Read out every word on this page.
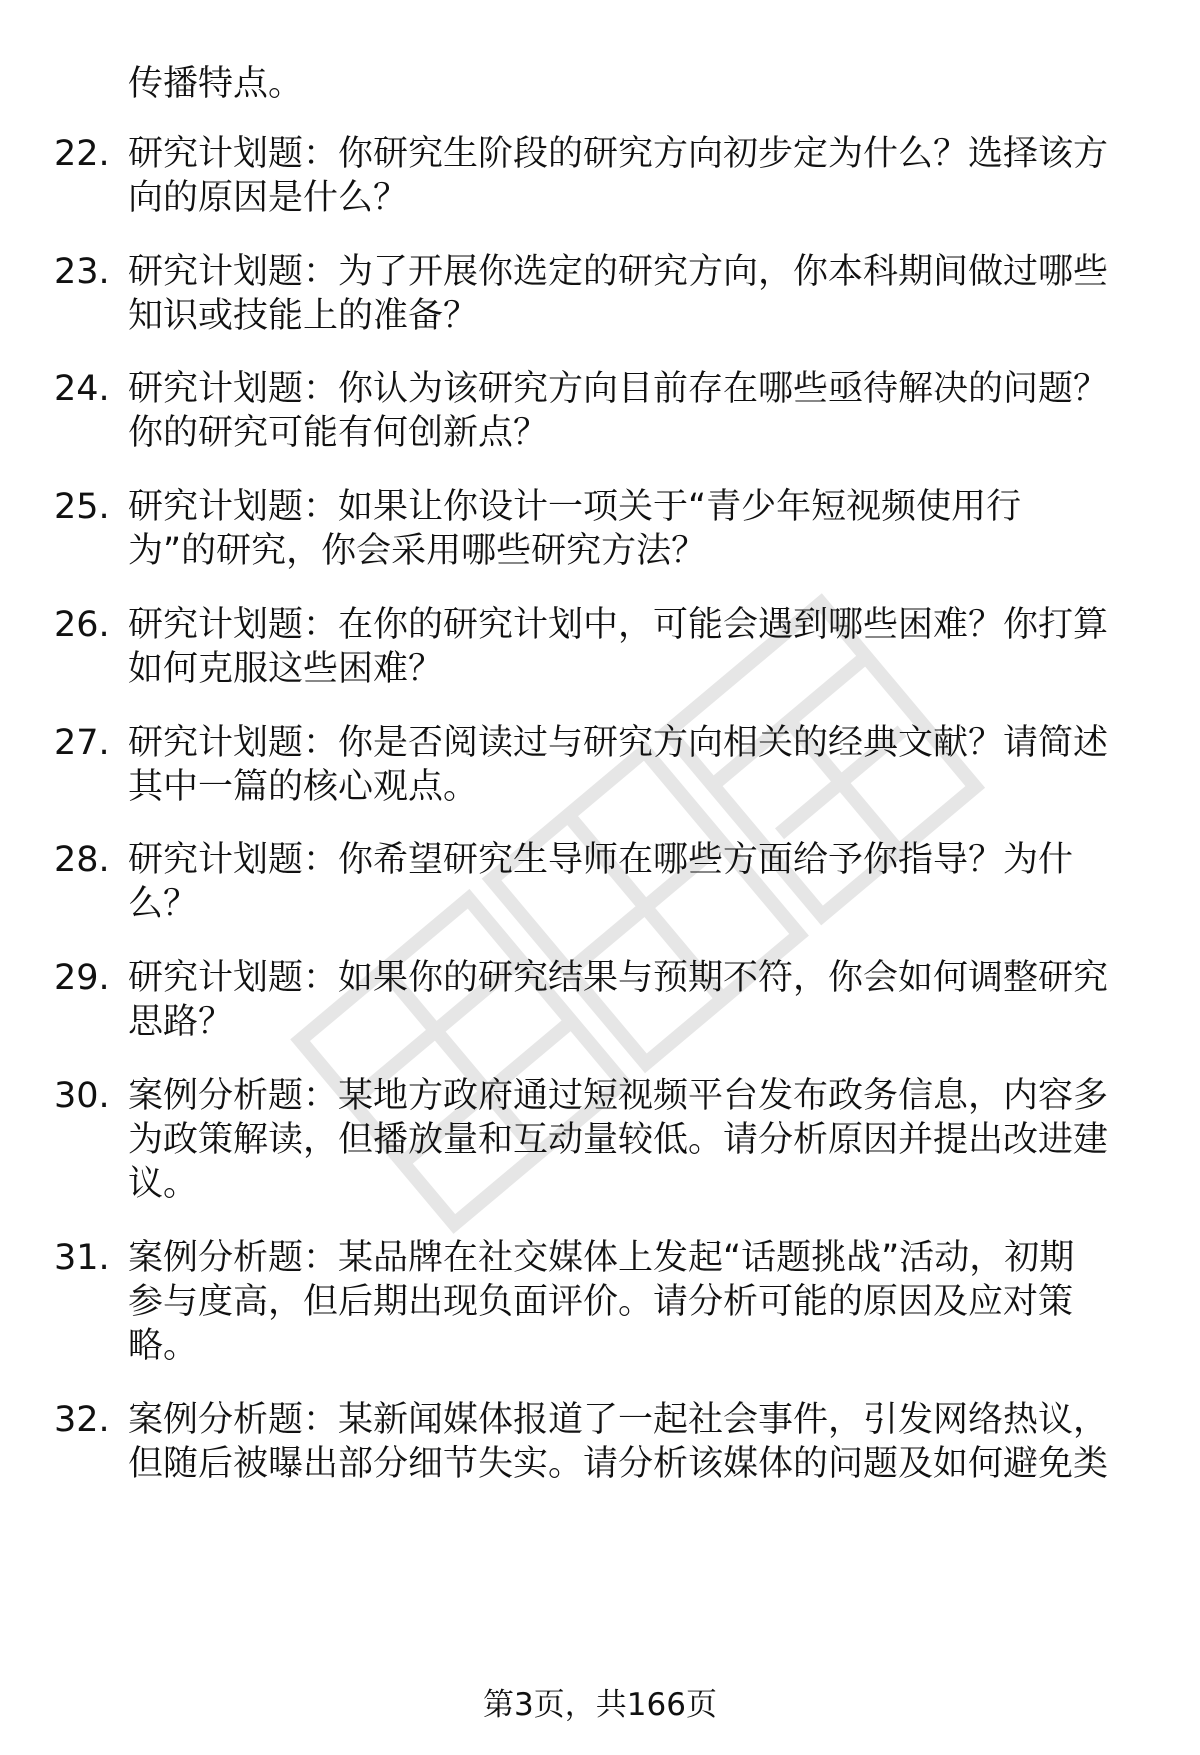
传播特点。
22. 研究计划题：你研究生阶段的研究方向初步定为什么？选择该方
向的原因是什么？
23. 研究计划题：为了开展你选定的研究方向，你本科期间做过哪些
知识或技能上的准备？
24. 研究计划题：你认为该研究方向目前存在哪些亟待解决的问题？
你的研究可能有何创新点？
25. 研究计划题：如果让你设计一项关于“青少年短视频使用行
为”的研究，你会采用哪些研究方法？
26. 研究计划题：在你的研究计划中，可能会遇到哪些困难？你打算
如何克服这些困难？
27. 研究计划题：你是否阅读过与研究方向相关的经典文献？请简述
其中一篇的核心观点。
28. 研究计划题：你希望研究生导师在哪些方面给予你指导？为什
么？
29. 研究计划题：如果你的研究结果与预期不符，你会如何调整研究
思路？
30. 案例分析题：某地方政府通过短视频平台发布政务信息，内容多
为政策解读，但播放量和互动量较低。请分析原因并提出改进建
议。
31. 案例分析题：某品牌在社交媒体上发起“话题挑战”活动，初期
参与度高，但后期出现负面评价。请分析可能的原因及应对策
略。
32. 案例分析题：某新闻媒体报道了一起社会事件，引发网络热议，
但随后被曝出部分细节失实。请分析该媒体的问题及如何避免类
第3页，共166页
